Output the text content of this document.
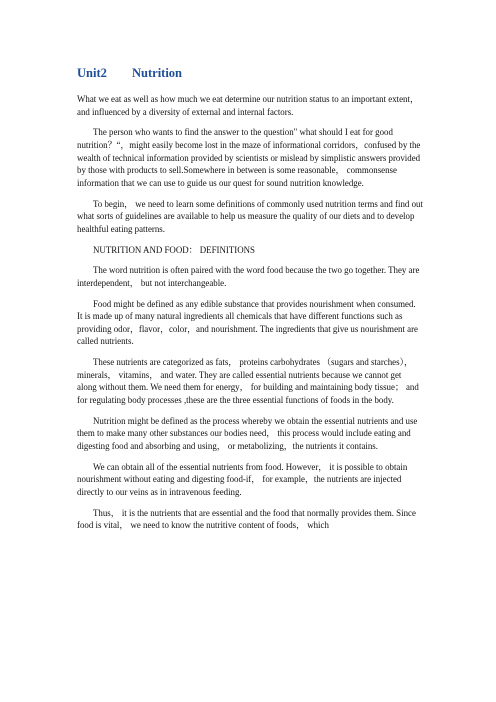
Unit2 Nutrition

What we eat as well as how much we eat determine our nutrition status to an important extent， and influenced by a diversity of external and internal factors.

The person who wants to find the answer to the question" what should I eat for good nutrition？“，might easily become lost in the maze of informational corridors，confused by the wealth of technical information provided by scientists or mislead by simplistic answers provided by those with products to sell.Somewhere in between is some reasonable， commonsense information that we can use to guide us our quest for sound nutrition knowledge.

To begin， we need to learn some definitions of commonly used nutrition terms and find out what sorts of guidelines are available to help us measure the quality of our diets and to develop healthful eating patterns.

NUTRITION AND FOOD： DEFINITIONS

The word nutrition is often paired with the word food because the two go together. They are interdependent， but not interchangeable.

Food might be defined as any edible substance that provides nourishment when consumed. It is made up of many natural ingredients all chemicals that have different functions such as providing odor，flavor，color，and nourishment. The ingredients that give us nourishment are called nutrients.

These nutrients are categorized as fats， proteins carbohydrates （sugars and starches）， minerals， vitamins， and water. They are called essential nutrients because we cannot get along without them. We need them for energy， for building and maintaining body tissue； and for regulating body processes ,these are the three essential functions of foods in the body.

Nutrition might be defined as the process whereby we obtain the essential nutrients and use them to make many other substances our bodies need， this process would include eating and digesting food and absorbing and using， or metabolizing，the nutrients it contains.

We can obtain all of the essential nutrients from food. However， it is possible to obtain nourishment without eating and digesting food-if， for example，the nutrients are injected directly to our veins as in intravenous feeding.

Thus， it is the nutrients that are essential and the food that normally provides them. Since food is vital， we need to know the nutritive content of foods， which
